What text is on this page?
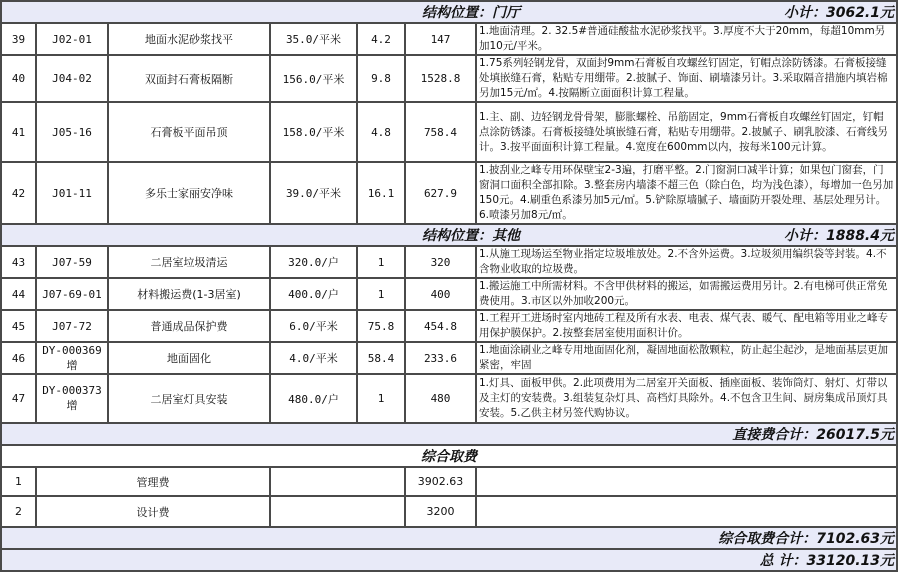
结构位置：门厅 小计：3062.1元						

39	J02-01	地面水泥砂浆找平	35.0/平米	4.2	147	1.地面清理。2. 32.5#普通硅酸盐水泥砂浆找平。3.厚度不大于20mm，每超10mm另加10元/平米。
40	J04-02	双面封石膏板隔断	156.0/平米	9.8	1528.8	1.75系列轻钢龙骨，双面封9mm石膏板自攻螺丝钉固定，钉帽点涂防锈漆。石膏板接缝处填嵌缝石膏，粘贴专用绷带。2.披腻子、饰面、刷墙漆另计。3.采取隔音措施内填岩棉另加15元/㎡。4.按隔断立面面积计算工程量。
41	J05-16	石膏板平面吊顶	158.0/平米	4.8	758.4	1.主、副、边轻钢龙骨骨架，膨胀螺栓、吊筋固定，9mm石膏板自攻螺丝钉固定，钉帽点涂防锈漆。石膏板接缝处填嵌缝石膏，粘贴专用绷带。2.披腻子、刷乳胶漆、石膏线另计。3.按平面面积计算工程量。4.宽度在600mm以内，按每米100元计算。
42	J01-11	多乐士家丽安净味	39.0/平米	16.1	627.9	1.披刮业之峰专用环保壁宝2-3遍，打磨平整。2.门窗洞口减半计算；如果包门窗套，门窗洞口面积全部扣除。3.整套房内墙漆不超三色（除白色，均为浅色漆），每增加一色另加150元。4.刷重色系漆另加5元/㎡。5.铲除原墙腻子、墙面防开裂处理、基层处理另计。6.喷漆另加8元/㎡。

结构位置：其他 小计：1888.4元						

43	J07-59	二居室垃圾清运	320.0/户	1	320	1.从施工现场运至物业指定垃圾堆放处。2.不含外运费。3.垃圾须用编织袋等封装。4.不含物业收取的垃圾费。
44	J07-69-01	材料搬运费(1-3居室)	400.0/户	1	400	1.搬运施工中所需材料。不含甲供材料的搬运，如需搬运费用另计。2.有电梯可供正常免费使用。3.市区以外加收200元。
45	J07-72	普通成品保护费	6.0/平米	75.8	454.8	1.工程开工进场时室内地砖工程及所有水表、电表、煤气表、暖气、配电箱等用业之峰专用保护膜保护。2.按整套居室使用面积计价。
46	DY-000369增	地面固化	4.0/平米	58.4	233.6	1.地面涂刷业之峰专用地面固化剂，凝固地面松散颗粒，防止起尘起沙，是地面基层更加紧密，牢固
47	DY-000373增	二居室灯具安装	480.0/户	1	480	1.灯具、面板甲供。2.此项费用为二居室开关面板、插座面板、装饰筒灯、射灯、灯带以及主灯的安装费。3.组装复杂灯具、高档灯具除外。4.不包含卫生间、厨房集成吊顶灯具安装。5.乙供主材另签代购协议。
直接费合计：26017.5元						
综合取费						
1	管理费				3902.63	
2	设计费				3200	
综合取费合计：7102.63元						
总 计：33120.13元						
